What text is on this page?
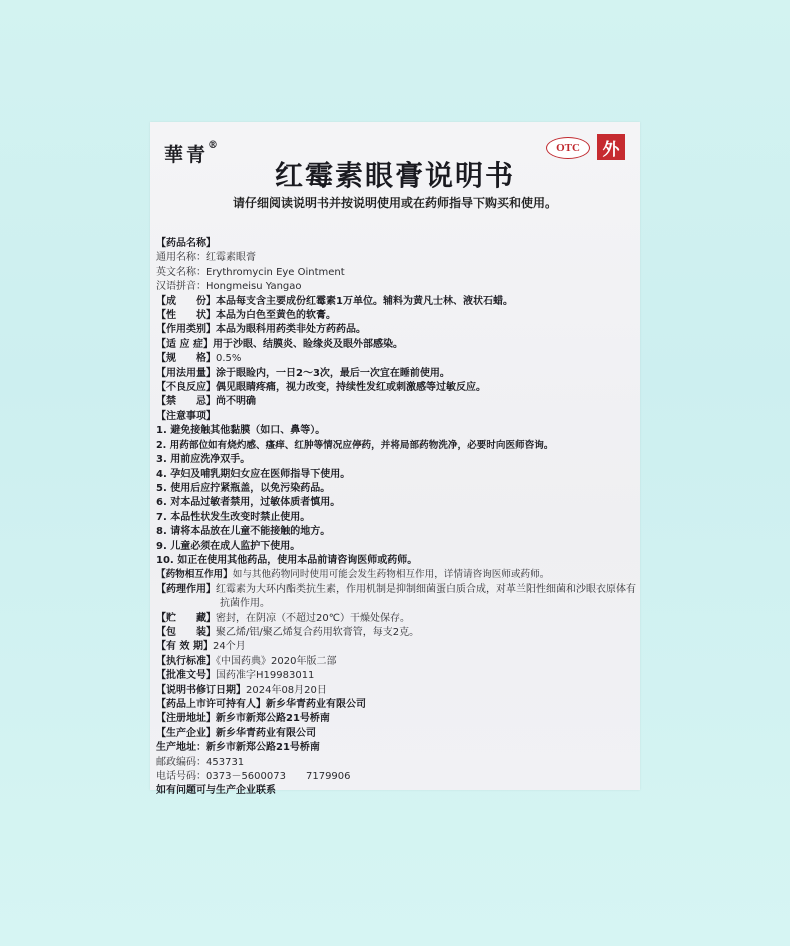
華青®	OTC	外
红霉素眼膏说明书
请仔细阅读说明书并按说明使用或在药师指导下购买和使用。
【药品名称】
通用名称：红霉素眼膏
英文名称：Erythromycin Eye Ointment
汉语拼音：Hongmeisu Yangao
【成　　份】本品每支含主要成份红霉素1万单位。辅料为黄凡士林、液状石蜡。
【性　　状】本品为白色至黄色的软膏。
【作用类别】本品为眼科用药类非处方药药品。
【适 应 症】用于沙眼、结膜炎、睑缘炎及眼外部感染。
【规　　格】0.5%
【用法用量】涂于眼睑内，一日2～3次，最后一次宜在睡前使用。
【不良反应】偶见眼睛疼痛，视力改变，持续性发红或刺激感等过敏反应。
【禁　　忌】尚不明确
【注意事项】
1. 避免接触其他黏膜（如口、鼻等）。
2. 用药部位如有烧灼感、瘙痒、红肿等情况应停药，并将局部药物洗净，必要时向医师咨询。
3. 用前应洗净双手。
4. 孕妇及哺乳期妇女应在医师指导下使用。
5. 使用后应拧紧瓶盖，以免污染药品。
6. 对本品过敏者禁用，过敏体质者慎用。
7. 本品性状发生改变时禁止使用。
8. 请将本品放在儿童不能接触的地方。
9. 儿童必须在成人监护下使用。
10. 如正在使用其他药品，使用本品前请咨询医师或药师。
【药物相互作用】如与其他药物同时使用可能会发生药物相互作用，详情请咨询医师或药师。
【药理作用】红霉素为大环内酯类抗生素，作用机制是抑制细菌蛋白质合成，对革兰阳性细菌和沙眼衣原体有抗菌作用。
【贮　　藏】密封，在阴凉（不超过20℃）干燥处保存。
【包　　装】聚乙烯/铝/聚乙烯复合药用软膏管，每支2克。
【有 效 期】24个月
【执行标准】《中国药典》2020年版二部
【批准文号】国药准字H19983011
【说明书修订日期】2024年08月20日
【药品上市许可持有人】新乡华青药业有限公司
【注册地址】新乡市新郑公路21号桥南
【生产企业】新乡华青药业有限公司
生产地址：新乡市新郑公路21号桥南
邮政编码：453731
电话号码：0373－5600073　　7179906
如有问题可与生产企业联系
